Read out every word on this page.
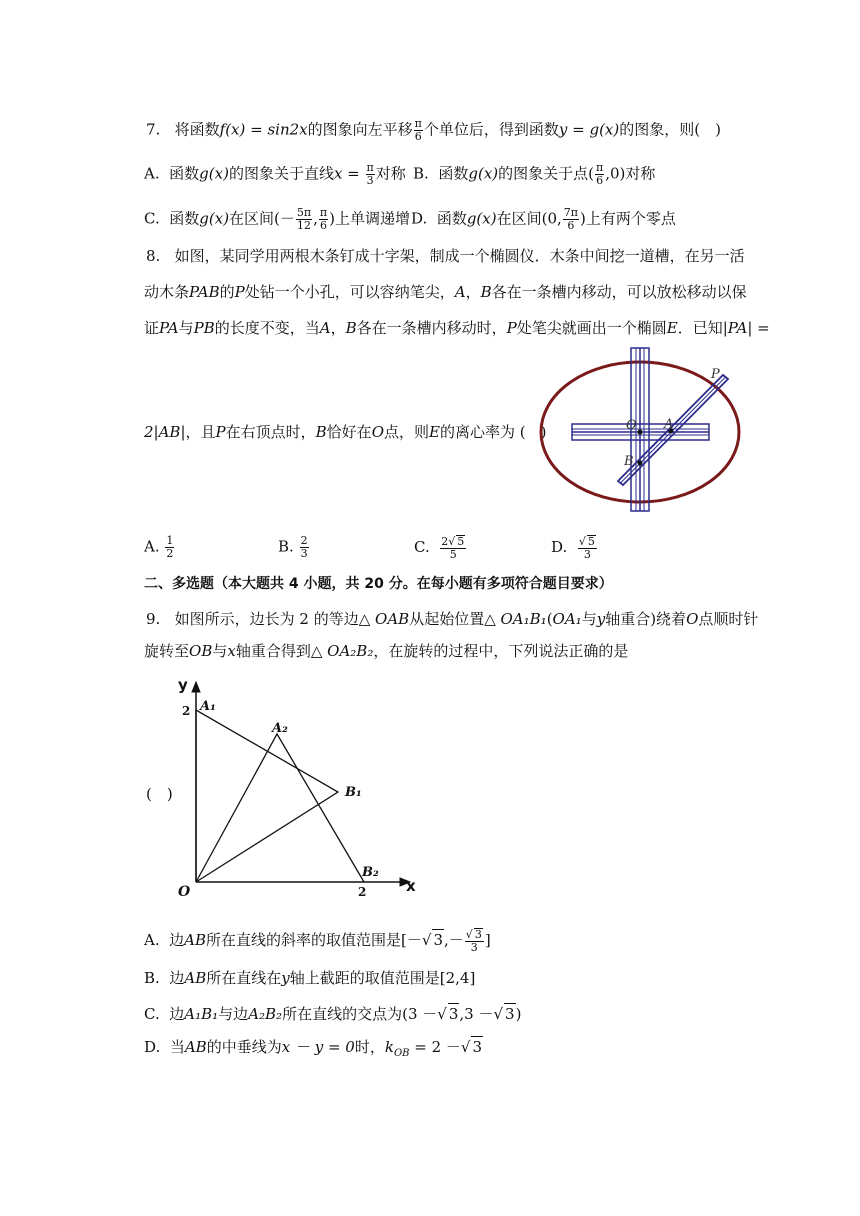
7. 将函数f(x) = sin2x的图象向左平移 $\frac{\pi}{6}$ 个单位后，得到函数y = g(x)的图象，则(　)
A. 函数g(x)的图象关于直线$x = \frac{\pi}{3}$ 对称 B. 函数g(x)的图象关于点( $\frac{\pi}{6} ,0$)对称
C. 函数g(x)在区间(－ $\frac{5\pi}{12}$ , $\frac{\pi}{6}$ )上单调递增 D. 函数g(x)在区间(0, $\frac{7\pi}{6}$ )上有两个零点
8. 如图，某同学用两根木条钉成十字架，制成一个椭圆仪．木条中间挖一道槽，在另一活
动木条PAB的P处钻一个小孔，可以容纳笔尖，A，B各在一条槽内移动，可以放松移动以保
证PA与PB的长度不变，当A，B各在一条槽内移动时，P处笔尖就画出一个椭圆E．已知|PA| =
2|AB|，且P在右顶点时，B恰好在O点，则E的离心率为 (　)
P
O A
B
A. $\frac{1}{2}$	B. $\frac{2}{3}$	C. $\frac{2√ 5}{5}$	D. $\frac{√ 5}{3}$
二、多选题（本大题共 4 小题，共 20 分。在每小题有多项符合题目要求）
9. 如图所示，边长为 2 的等边△ OAB从起始位置△ OA₁B₁(OA₁与y轴重合)绕着O点顺时针
旋转至OB与x轴重合得到△ OA₂B₂，在旋转的过程中，下列说法正确的是
(　)
y
x
O
2
2
A₁
A₂
B₁
B₂
A. 边AB所在直线的斜率的取值范围是[－√ $3,- \frac{√ 3}{3}$ ]
B. 边AB所在直线在y轴上截距的取值范围是[2,4]
C. 边A₁B₁与边A₂B₂所在直线的交点为(3 －√ 3,3 －√ 3)
D. 当AB的中垂线为x － y = 0时，$k_{OB} = 2$ －√ 3
